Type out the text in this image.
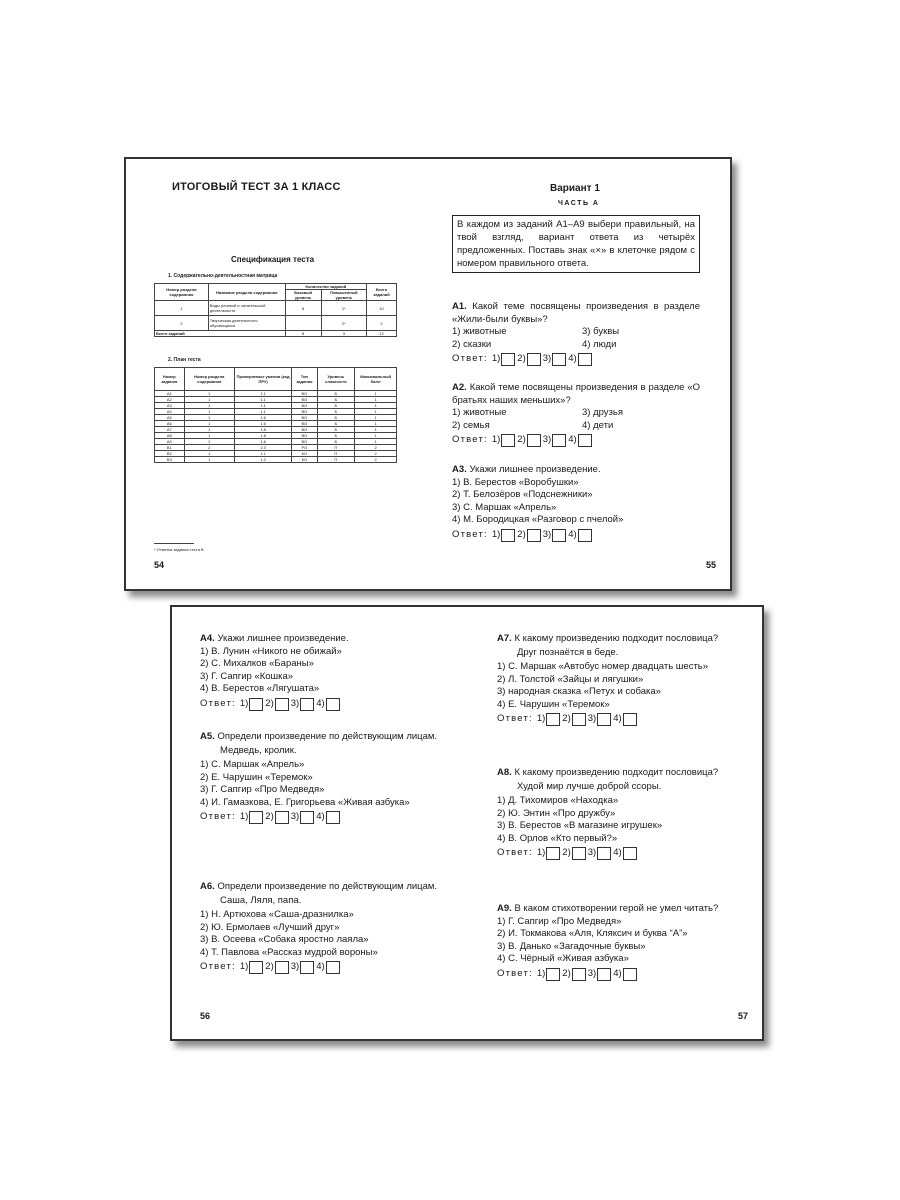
ИТОГОВЫЙ ТЕСТ ЗА 1 КЛАСС
Спецификация теста
1. Содержательно-деятельностная матрица
Номер раздела содержания	Название раздела содержания	Количество заданий		Всего заданий
		Базовый уровень	Повышенный уровень	
1	Виды речевой и читательской деятельности	8	1*	10
2	Творческая деятельность обучающихся		2*	2
Всего заданий		8	3	12
2. План теста
Номер задания	Номер раздела содержания	Проверяемые умения (код ПРУ)	Тип задания	Уровень сложности	Максимальный балл
А1	1	1.1	ВО	Б	1
А2	1	1.1	ВО	Б	1
А3	1	1.1	ВО	Б	1
А4	1	1.1	ВО	Б	1
А5	1	1.6	ВО	Б	1
А6	1	1.6	ВО	Б	1
А7	1	1.8	ВО	Б	1
А8	1	1.8	ВО	Б	1
А9	1	1.6	ВО	Б	1
В1	2	2.3	РО	П	2
В2	1	1.1	КО	П	2
В3	1	1.2	КО	П	2
* Отметка задания теста В.
54
Вариант 1
ЧАСТЬ А
В каждом из заданий А1–А9 выбери правильный, на твой взгляд, вариант ответа из четырёх предложенных. Поставь знак «×» в клеточке рядом с номером правильного ответа.
А1. Какой теме посвящены произведения в разделе «Жили-были буквы»?
1) животные	3) буквы
2) сказки	4) люди
Ответ: 1) 2) 3) 4)
А2. Какой теме посвящены произведения в разделе «О братьях наших меньших»?
1) животные	3) друзья
2) семья	4) дети
Ответ: 1) 2) 3) 4)
А3. Укажи лишнее произведение.
1) В. Берестов «Воробушки»
2) Т. Белозёров «Подснежники»
3) С. Маршак «Апрель»
4) М. Бородицкая «Разговор с пчелой»
Ответ: 1) 2) 3) 4)
55
А4. Укажи лишнее произведение.
1) В. Лунин «Никого не обижай»
2) С. Михалков «Бараны»
3) Г. Сапгир «Кошка»
4) В. Берестов «Лягушата»
Ответ: 1) 2) 3) 4)
А5. Определи произведение по действующим лицам.
Медведь, кролик.
1) С. Маршак «Апрель»
2) Е. Чарушин «Теремок»
3) Г. Сапгир «Про Медведя»
4) И. Гамазкова, Е. Григорьева «Живая азбука»
Ответ: 1) 2) 3) 4)
А6. Определи произведение по действующим лицам.
Саша, Ляля, папа.
1) Н. Артюхова «Саша-дразнилка»
2) Ю. Ермолаев «Лучший друг»
3) В. Осеева «Собака яростно лаяла»
4) Т. Павлова «Рассказ мудрой вороны»
Ответ: 1) 2) 3) 4)
56
А7. К какому произведению подходит пословица?
Друг познаётся в беде.
1) С. Маршак «Автобус номер двадцать шесть»
2) Л. Толстой «Зайцы и лягушки»
3) народная сказка «Петух и собака»
4) Е. Чарушин «Теремок»
Ответ: 1) 2) 3) 4)
А8. К какому произведению подходит пословица?
Худой мир лучше доброй ссоры.
1) Д. Тихомиров «Находка»
2) Ю. Энтин «Про дружбу»
3) В. Берестов «В магазине игрушек»
4) В. Орлов «Кто первый?»
Ответ: 1) 2) 3) 4)
А9. В каком стихотворении герой не умел читать?
1) Г. Сапгир «Про Медведя»
2) И. Токмакова «Аля, Кляксич и буква “А”»
3) В. Данько «Загадочные буквы»
4) С. Чёрный «Живая азбука»
Ответ: 1) 2) 3) 4)
57
